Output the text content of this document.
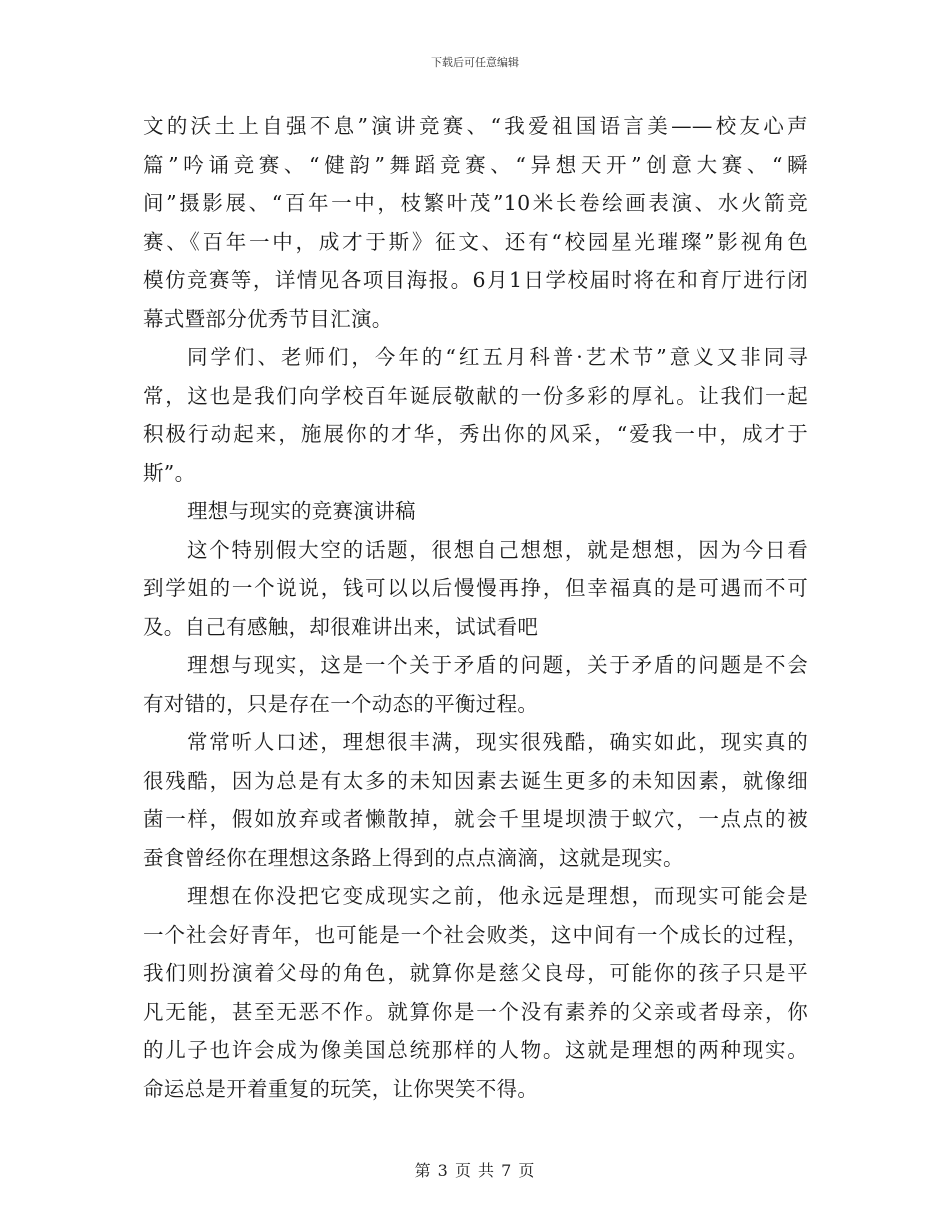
下载后可任意编辑
文的沃土上自强不息”演讲竞赛、“我爱祖国语言美——校友心声
篇”吟诵竞赛、“健韵”舞蹈竞赛、“异想天开”创意大赛、“瞬
间”摄影展、“百年一中，枝繁叶茂”10米长卷绘画表演、水火箭竞
赛、《百年一中，成才于斯》征文、还有“校园星光璀璨”影视角色
模仿竞赛等，详情见各项目海报。6月1日学校届时将在和育厅进行闭
幕式暨部分优秀节目汇演。
同学们、老师们，今年的“红五月科普·艺术节”意义又非同寻
常，这也是我们向学校百年诞辰敬献的一份多彩的厚礼。让我们一起
积极行动起来，施展你的才华，秀出你的风采，“爱我一中，成才于
斯”。
理想与现实的竞赛演讲稿
这个特别假大空的话题，很想自己想想，就是想想，因为今日看
到学姐的一个说说，钱可以以后慢慢再挣，但幸福真的是可遇而不可
及。自己有感触，却很难讲出来，试试看吧
理想与现实，这是一个关于矛盾的问题，关于矛盾的问题是不会
有对错的，只是存在一个动态的平衡过程。
常常听人口述，理想很丰满，现实很残酷，确实如此，现实真的
很残酷，因为总是有太多的未知因素去诞生更多的未知因素，就像细
菌一样，假如放弃或者懒散掉，就会千里堤坝溃于蚁穴，一点点的被
蚕食曾经你在理想这条路上得到的点点滴滴，这就是现实。
理想在你没把它变成现实之前，他永远是理想，而现实可能会是
一个社会好青年，也可能是一个社会败类，这中间有一个成长的过程，
我们则扮演着父母的角色，就算你是慈父良母，可能你的孩子只是平
凡无能，甚至无恶不作。就算你是一个没有素养的父亲或者母亲，你
的儿子也许会成为像美国总统那样的人物。这就是理想的两种现实。
命运总是开着重复的玩笑，让你哭笑不得。
第 3 页 共 7 页
